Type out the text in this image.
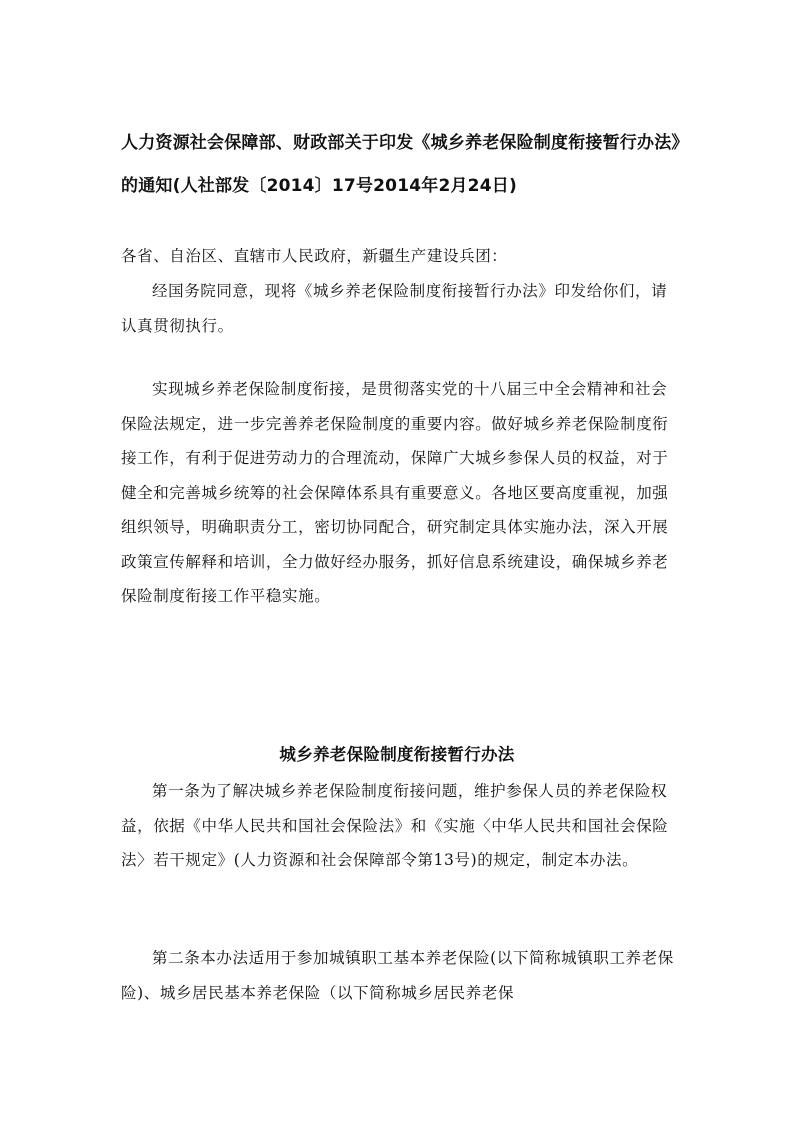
人力资源社会保障部、财政部关于印发《城乡养老保险制度衔接暂行办法》的通知(人社部发〔2014〕17号2014年2月24日)

各省、自治区、直辖市人民政府，新疆生产建设兵团：

经国务院同意，现将《城乡养老保险制度衔接暂行办法》印发给你们，请认真贯彻执行。

实现城乡养老保险制度衔接，是贯彻落实党的十八届三中全会精神和社会保险法规定，进一步完善养老保险制度的重要内容。做好城乡养老保险制度衔接工作，有利于促进劳动力的合理流动，保障广大城乡参保人员的权益，对于健全和完善城乡统筹的社会保障体系具有重要意义。各地区要高度重视，加强组织领导，明确职责分工，密切协同配合，研究制定具体实施办法，深入开展政策宣传解释和培训，全力做好经办服务，抓好信息系统建设，确保城乡养老保险制度衔接工作平稳实施。

城乡养老保险制度衔接暂行办法

第一条为了解决城乡养老保险制度衔接问题，维护参保人员的养老保险权益，依据《中华人民共和国社会保险法》和《实施〈中华人民共和国社会保险法〉若干规定》(人力资源和社会保障部令第13号)的规定，制定本办法。

第二条本办法适用于参加城镇职工基本养老保险(以下简称城镇职工养老保险)、城乡居民基本养老保险（以下简称城乡居民养老保
